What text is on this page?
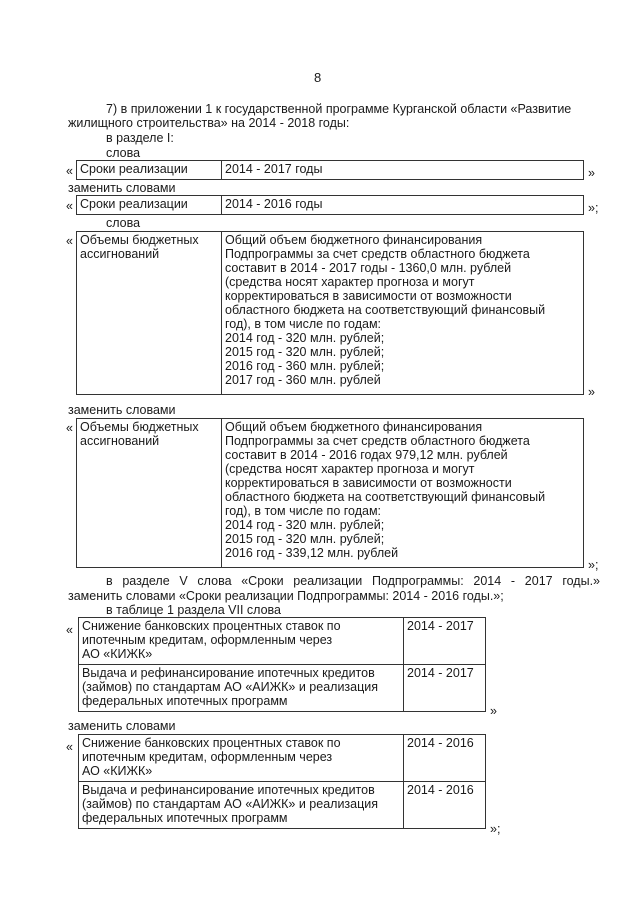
8
7) в приложении 1 к государственной программе Курганской области «Развитие
жилищного строительства» на 2014 - 2018 годы:
в разделе I:
слова
« Сроки реализации	2014 - 2017 годы	»
заменить словами
« Сроки реализации	2014 - 2016 годы	»;
слова
« Объемы бюджетных
ассигнований	Общий объем бюджетного финансирования
Подпрограммы за счет средств областного бюджета
составит в 2014 - 2017 годы - 1360,0 млн. рублей
(средства носят характер прогноза и могут
корректироваться в зависимости от возможности
областного бюджета на соответствующий финансовый
год), в том числе по годам:
2014 год - 320 млн. рублей;
2015 год - 320 млн. рублей;
2016 год - 360 млн. рублей;
2017 год - 360 млн. рублей
»
заменить словами
« Объемы бюджетных
ассигнований	Общий объем бюджетного финансирования
Подпрограммы за счет средств областного бюджета
составит в 2014 - 2016 годах 979,12 млн. рублей
(средства носят характер прогноза и могут
корректироваться в зависимости от возможности
областного бюджета на соответствующий финансовый
год), в том числе по годам:
2014 год - 320 млн. рублей;
2015 год - 320 млн. рублей;
2016 год - 339,12 млн. рублей
»;
в разделе V слова «Сроки реализации Подпрограммы: 2014 - 2017 годы.»
заменить словами «Сроки реализации Подпрограммы: 2014 - 2016 годы.»;
в таблице 1 раздела VII слова
« Снижение банковских процентных ставок по
ипотечным кредитам, оформленным через
АО «КИЖК»	2014 - 2017
Выдача и рефинансирование ипотечных кредитов
(займов) по стандартам АО «АИЖК» и реализация
федеральных ипотечных программ	2014 - 2017
»
заменить словами
« Снижение банковских процентных ставок по
ипотечным кредитам, оформленным через
АО «КИЖК»	2014 - 2016
Выдача и рефинансирование ипотечных кредитов
(займов) по стандартам АО «АИЖК» и реализация
федеральных ипотечных программ	2014 - 2016
»;
